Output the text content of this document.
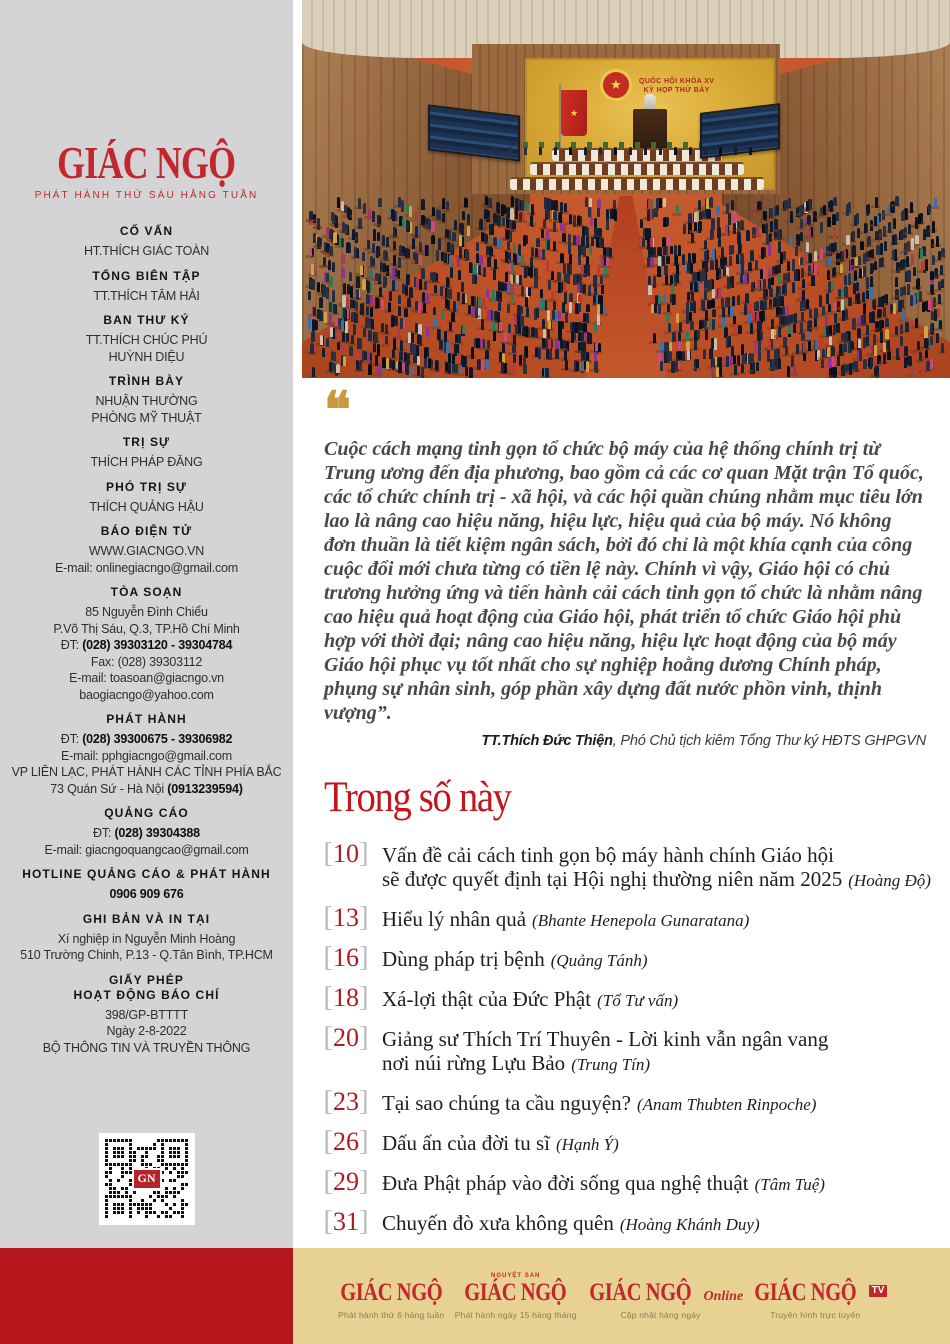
GIÁC NGỘ
PHÁT HÀNH THỨ SÁU HẰNG TUẦN
CỐ VẤN
HT.THÍCH GIÁC TOÀN
TỔNG BIÊN TẬP
TT.THÍCH TÂM HẢI
BAN THƯ KÝ
TT.THÍCH CHÚC PHÚ
HUỲNH DIỆU
TRÌNH BÀY
NHUẬN THƯỜNG
PHÒNG MỸ THUẬT
TRỊ SỰ
THÍCH PHÁP ĐĂNG
PHÓ TRỊ SỰ
THÍCH QUẢNG HẬU
BÁO ĐIỆN TỬ
WWW.GIACNGO.VN
E-mail: onlinegiacngo@gmail.com
TÒA SOẠN
85 Nguyễn Đình Chiểu
P.Võ Thị Sáu, Q.3, TP.Hồ Chí Minh
ĐT: (028) 39303120 - 39304784
Fax: (028) 39303112
E-mail: toasoan@giacngo.vn
baogiacngo@yahoo.com
PHÁT HÀNH
ĐT: (028) 39300675 - 39306982
E-mail: pphgiacngo@gmail.com
VP LIÊN LẠC, PHÁT HÀNH CÁC TỈNH PHÍA BẮC
73 Quán Sứ - Hà Nội (0913239594)
QUẢNG CÁO
ĐT: (028) 39304388
E-mail: giacngoquangcao@gmail.com
HOTLINE QUẢNG CÁO & PHÁT HÀNH
0906 909 676
GHI BẢN VÀ IN TẠI
Xí nghiệp in Nguyễn Minh Hoàng
510 Trường Chinh, P.13 - Q.Tân Bình, TP.HCM
GIẤY PHÉP
HOẠT ĐỘNG BÁO CHÍ
398/GP-BTTTT
Ngày 2-8-2022
BỘ THÔNG TIN VÀ TRUYỀN THÔNG
GN
★	QUỐC HỘI KHÓA XV
KỲ HỌP THỨ BẢY
★
❝
Cuộc cách mạng tinh gọn tổ chức bộ máy của hệ thống chính trị từ Trung ương đến địa phương, bao gồm cả các cơ quan Mặt trận Tổ quốc, các tổ chức chính trị - xã hội, và các hội quần chúng nhằm mục tiêu lớn lao là nâng cao hiệu năng, hiệu lực, hiệu quả của bộ máy. Nó không đơn thuần là tiết kiệm ngân sách, bởi đó chỉ là một khía cạnh của công cuộc đổi mới chưa từng có tiền lệ này. Chính vì vậy, Giáo hội có chủ trương hưởng ứng và tiến hành cải cách tinh gọn tổ chức là nhằm nâng cao hiệu quả hoạt động của Giáo hội, phát triển tổ chức Giáo hội phù hợp với thời đại; nâng cao hiệu năng, hiệu lực hoạt động của bộ máy Giáo hội phục vụ tốt nhất cho sự nghiệp hoằng dương Chính pháp, phụng sự nhân sinh, góp phần xây dựng đất nước phồn vinh, thịnh vượng”.
TT.Thích Đức Thiện, Phó Chủ tịch kiêm Tổng Thư ký HĐTS GHPGVN
Trong số này
[10] Vấn đề cải cách tinh gọn bộ máy hành chính Giáo hội
sẽ được quyết định tại Hội nghị thường niên năm 2025 (Hoàng Độ)
[13] Hiểu lý nhân quả (Bhante Henepola Gunaratana)
[16] Dùng pháp trị bệnh (Quảng Tánh)
[18] Xá-lợi thật của Đức Phật (Tổ Tư vấn)
[20] Giảng sư Thích Trí Thuyên - Lời kinh vẫn ngân vang
nơi núi rừng Lựu Bảo (Trung Tín)
[23] Tại sao chúng ta cầu nguyện? (Anam Thubten Rinpoche)
[26] Dấu ấn của đời tu sĩ (Hạnh Ý)
[29] Đưa Phật pháp vào đời sống qua nghệ thuật (Tâm Tuệ)
[31] Chuyến đò xưa không quên (Hoàng Khánh Duy)

GIÁC NGỘ
Phát hành thứ 6 hàng tuần
NGUYỆT SAN
GIÁC NGỘ
Phát hành ngày 15 hàng tháng

GIÁC NGỘ Online
Cập nhật hàng ngày

GIÁC NGỘ TV
Truyền hình trực tuyến
